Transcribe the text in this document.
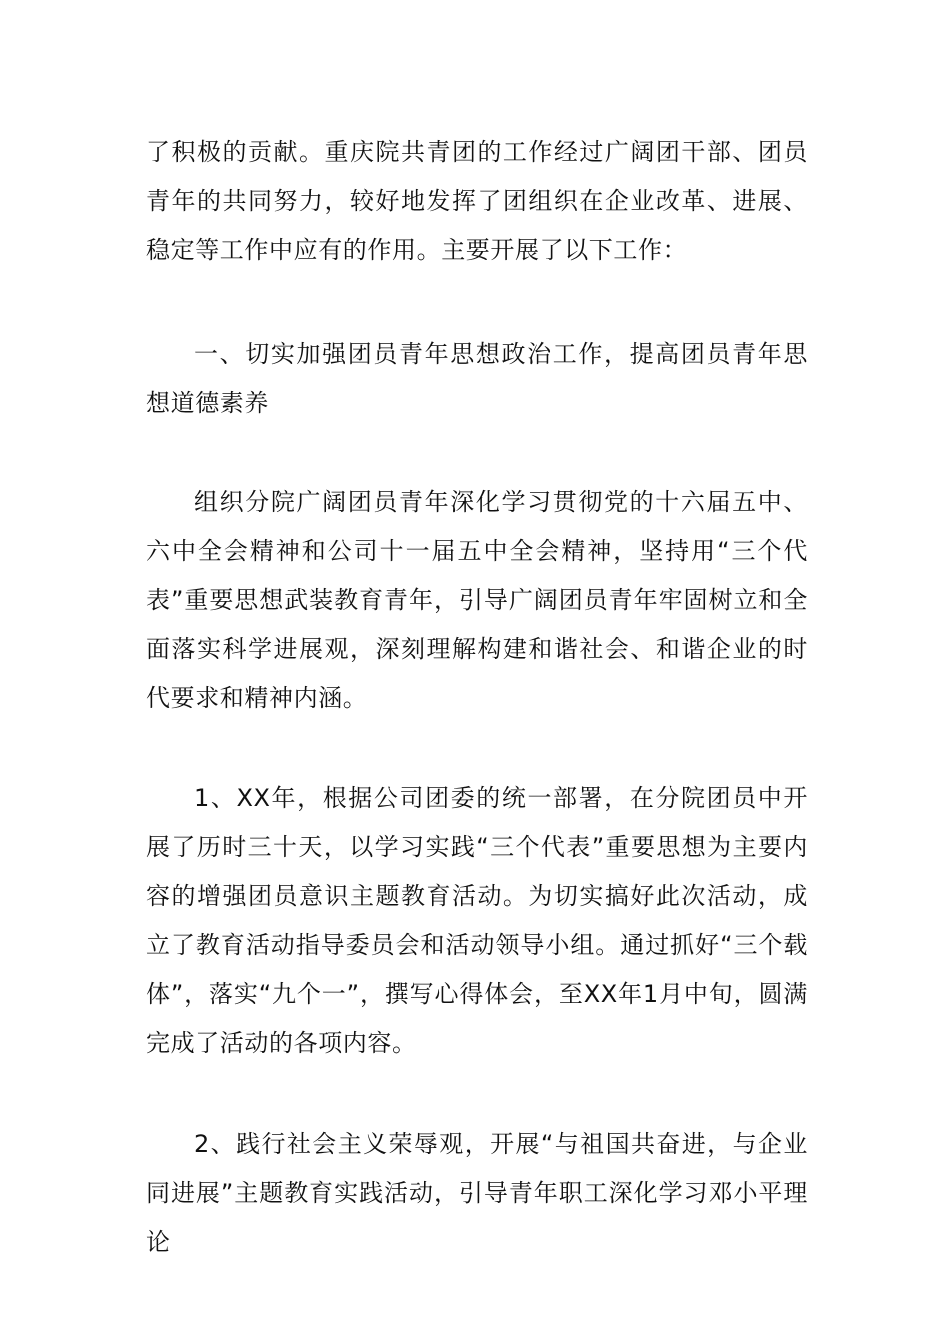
了积极的贡献。重庆院共青团的工作经过广阔团干部、团员青年的共同努力，较好地发挥了团组织在企业改革、进展、稳定等工作中应有的作用。主要开展了以下工作：

一、切实加强团员青年思想政治工作，提高团员青年思想道德素养

组织分院广阔团员青年深化学习贯彻党的十六届五中、六中全会精神和公司十一届五中全会精神，坚持用“三个代表”重要思想武装教育青年，引导广阔团员青年牢固树立和全面落实科学进展观，深刻理解构建和谐社会、和谐企业的时代要求和精神内涵。

1、XX年，根据公司团委的统一部署，在分院团员中开展了历时三十天，以学习实践“三个代表”重要思想为主要内容的增强团员意识主题教育活动。为切实搞好此次活动，成立了教育活动指导委员会和活动领导小组。通过抓好“三个载体”，落实“九个一”，撰写心得体会，至XX年1月中旬，圆满完成了活动的各项内容。

2、践行社会主义荣辱观，开展“与祖国共奋进，与企业同进展”主题教育实践活动，引导青年职工深化学习邓小平理论
